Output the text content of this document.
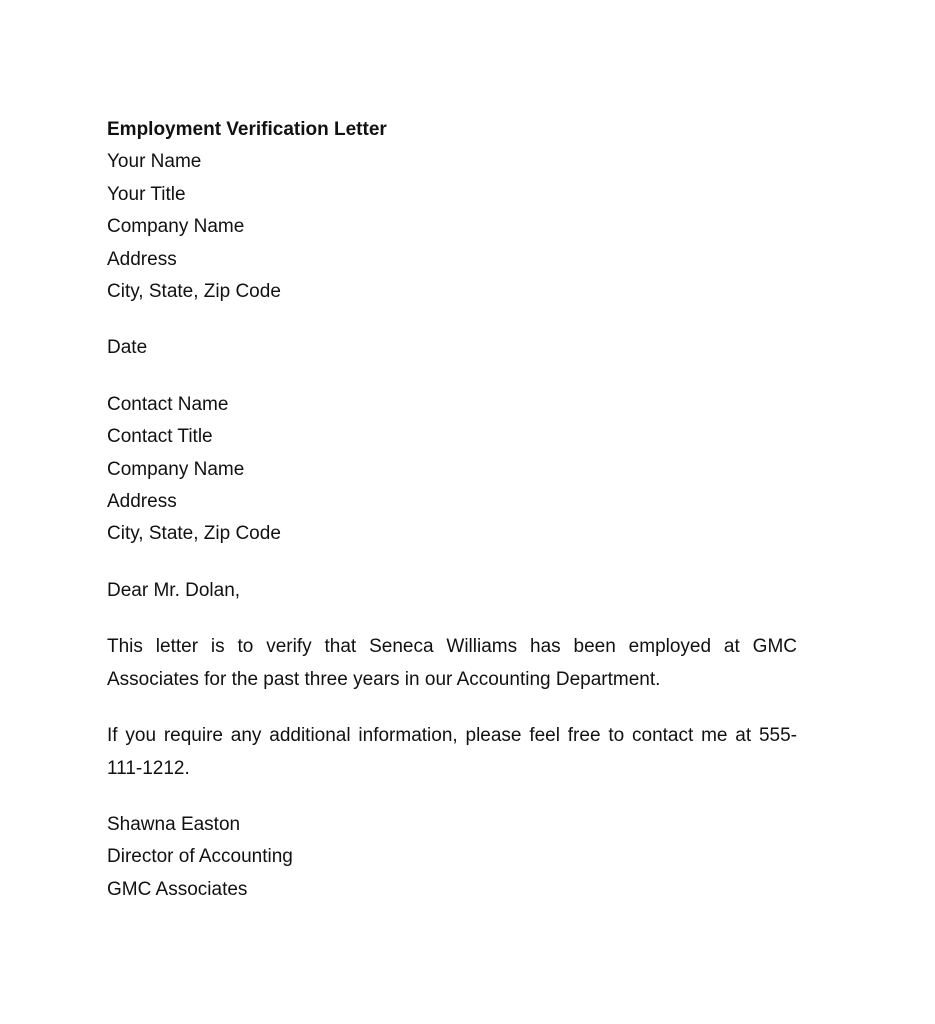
Employment Verification Letter
Your Name
Your Title
Company Name
Address
City, State, Zip Code
Date
Contact Name
Contact Title
Company Name
Address
City, State, Zip Code
Dear Mr. Dolan,
This letter is to verify that Seneca Williams has been employed at GMC Associates for the past three years in our Accounting Department.
If you require any additional information, please feel free to contact me at 555-111-1212.
Shawna Easton
Director of Accounting
GMC Associates
